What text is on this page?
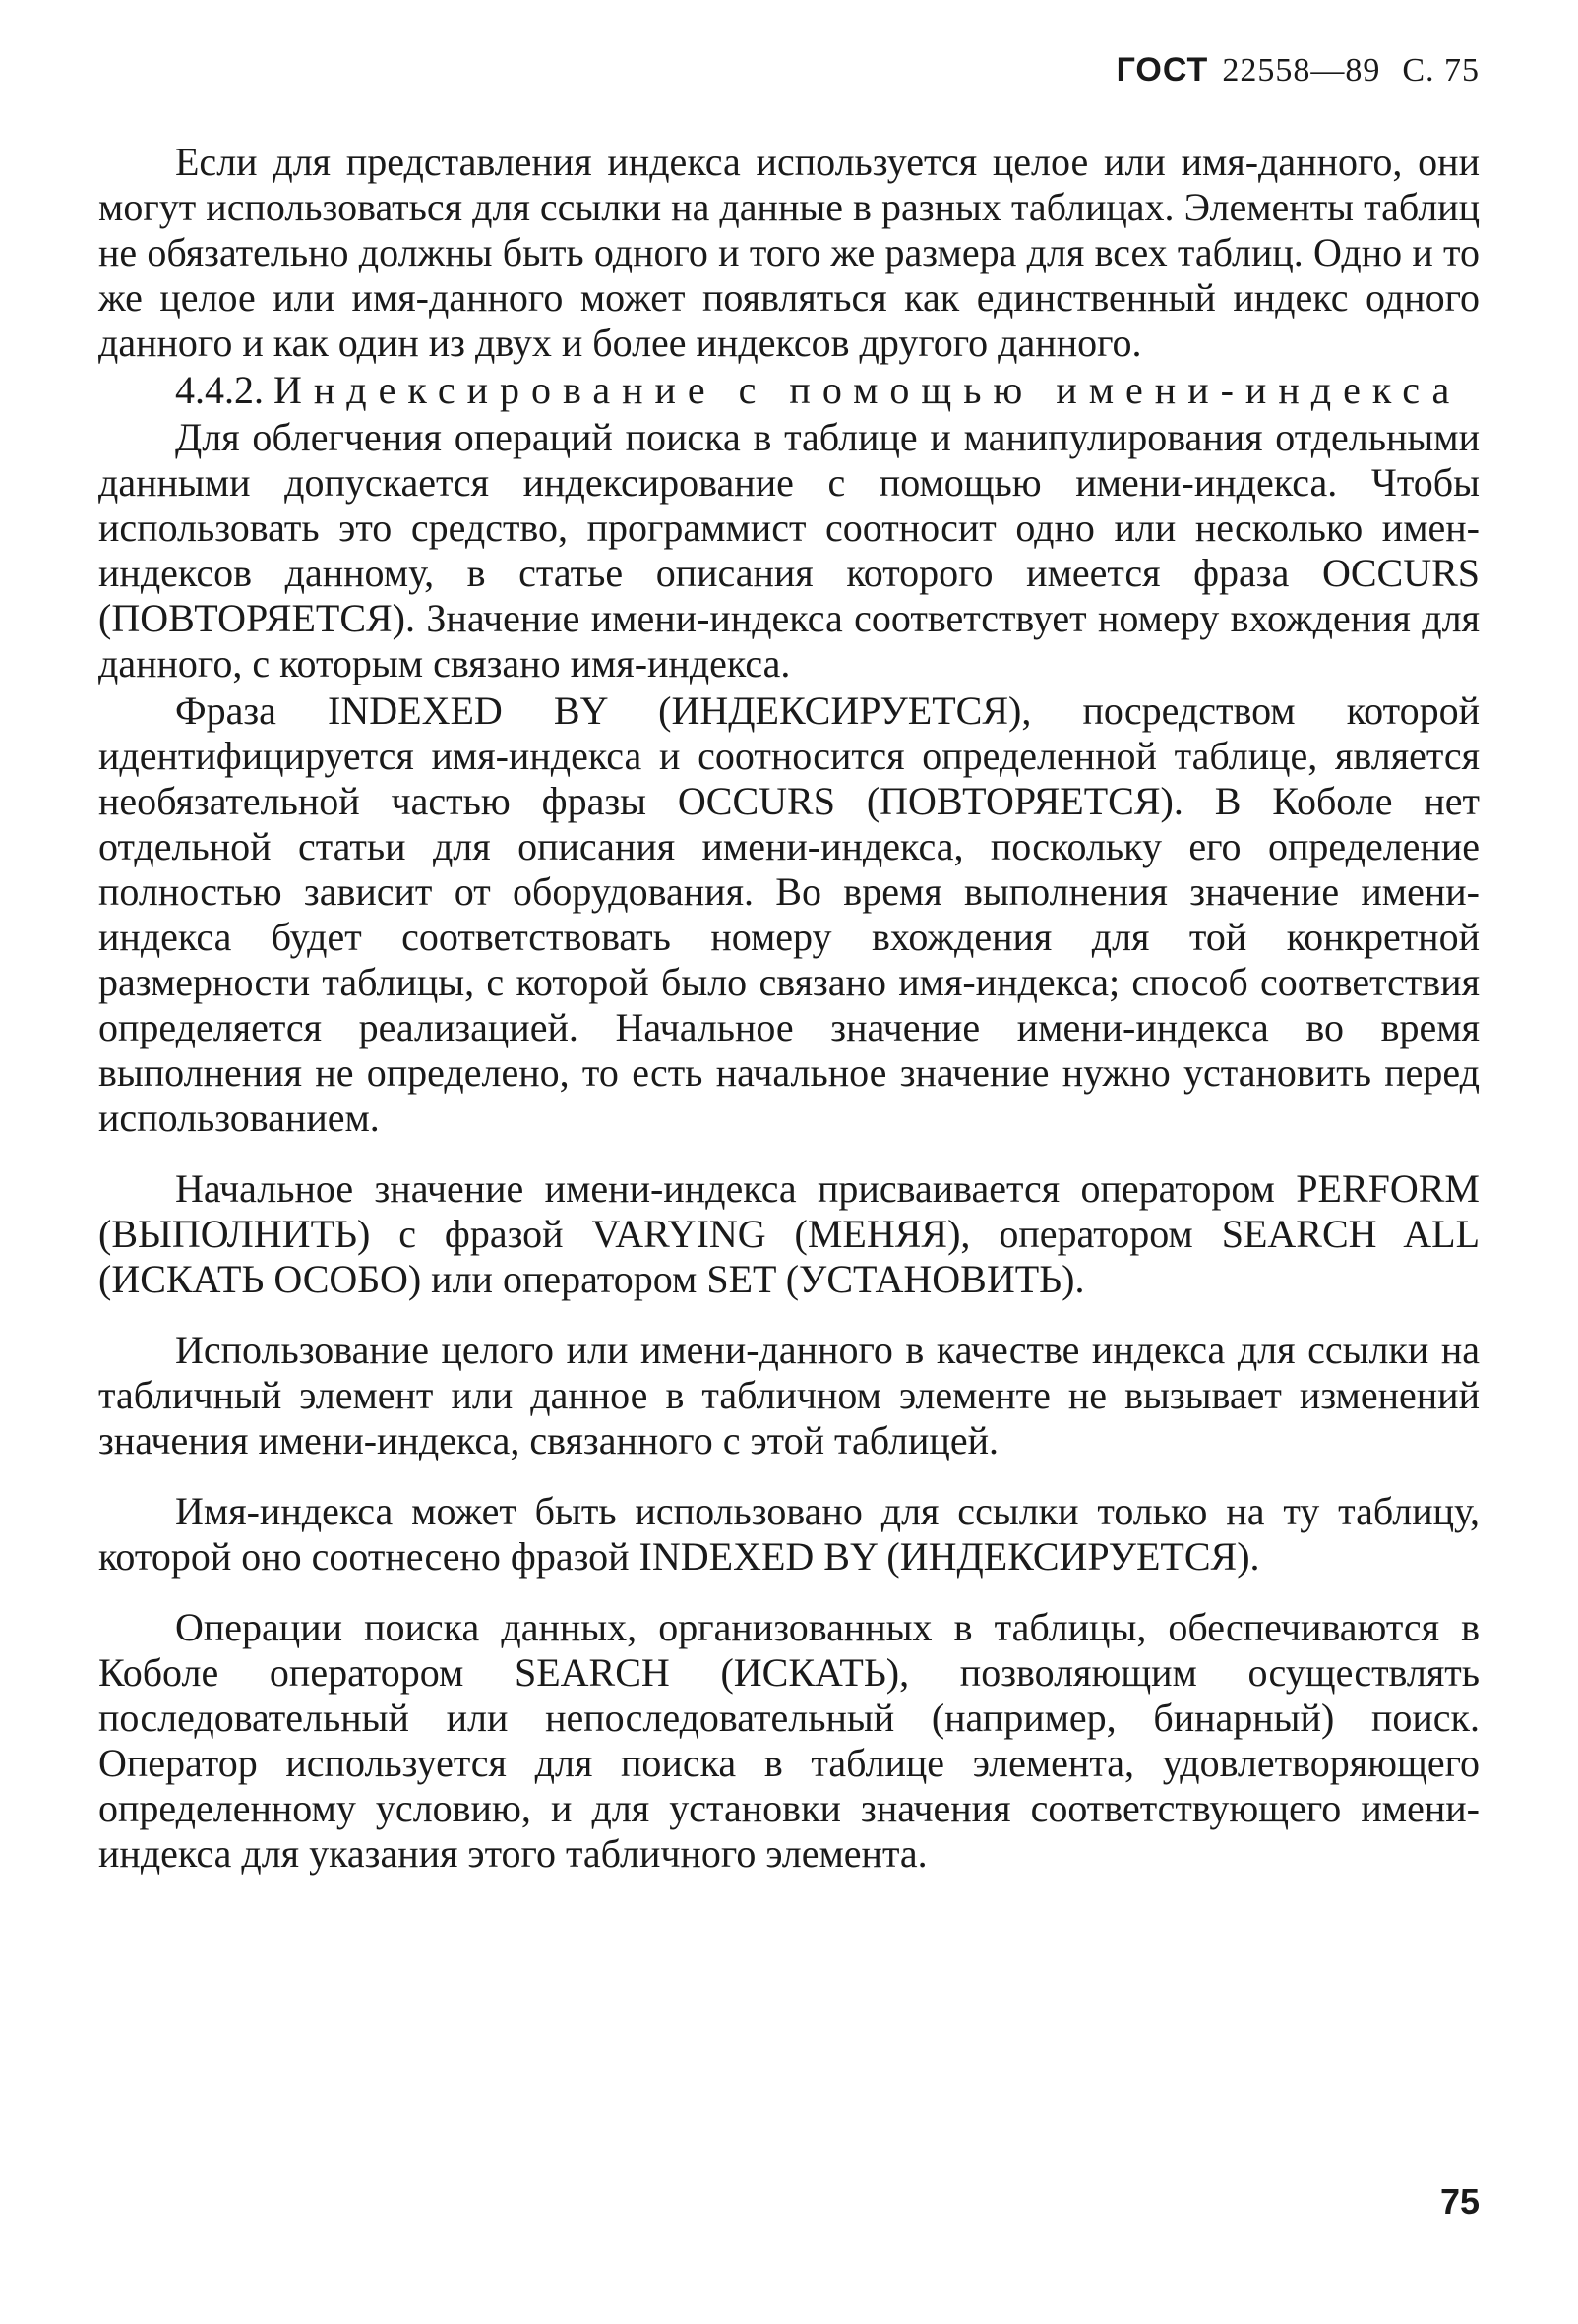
ГОСТ 22558—89 С. 75

Если для представления индекса используется целое или имя-данного, они могут использоваться для ссылки на данные в разных таблицах. Элементы таблиц не обязательно должны быть одного и того же размера для всех таблиц. Одно и то же целое или имя-данного может появляться как единственный индекс одного данного и как один из двух и более индексов другого данного.

4.4.2. Индексирование с помощью имени-индекса

Для облегчения операций поиска в таблице и манипулирования отдельными данными допускается индексирование с помощью имени-индекса. Чтобы использовать это средство, программист соотносит одно или несколько имен-индексов данному, в статье описания которого имеется фраза OCCURS (ПОВТОРЯЕТСЯ). Значение имени-индекса соответствует номеру вхождения для данного, с которым связано имя-индекса.

Фраза INDEXED BY (ИНДЕКСИРУЕТСЯ), посредством которой идентифицируется имя-индекса и соотносится определенной таблице, является необязательной частью фразы OCCURS (ПОВТОРЯЕТСЯ). В Коболе нет отдельной статьи для описания имени-индекса, поскольку его определение полностью зависит от оборудования. Во время выполнения значение имени-индекса будет соответствовать номеру вхождения для той конкретной размерности таблицы, с которой было связано имя-индекса; способ соответствия определяется реализацией. Начальное значение имени-индекса во время выполнения не определено, то есть начальное значение нужно установить перед использованием.

Начальное значение имени-индекса присваивается оператором PERFORM (ВЫПОЛНИТЬ) с фразой VARYING (МЕНЯЯ), оператором SEARCH ALL (ИСКАТЬ ОСОБО) или оператором SET (УСТАНОВИТЬ).

Использование целого или имени-данного в качестве индекса для ссылки на табличный элемент или данное в табличном элементе не вызывает изменений значения имени-индекса, связанного с этой таблицей.

Имя-индекса может быть использовано для ссылки только на ту таблицу, которой оно соотнесено фразой INDEXED BY (ИНДЕКСИРУЕТСЯ).

Операции поиска данных, организованных в таблицы, обеспечиваются в Коболе оператором SEARCH (ИСКАТЬ), позволяющим осуществлять последовательный или непоследовательный (например, бинарный) поиск. Оператор используется для поиска в таблице элемента, удовлетворяющего определенному условию, и для установки значения соответствующего имени-индекса для указания этого табличного элемента.

75
